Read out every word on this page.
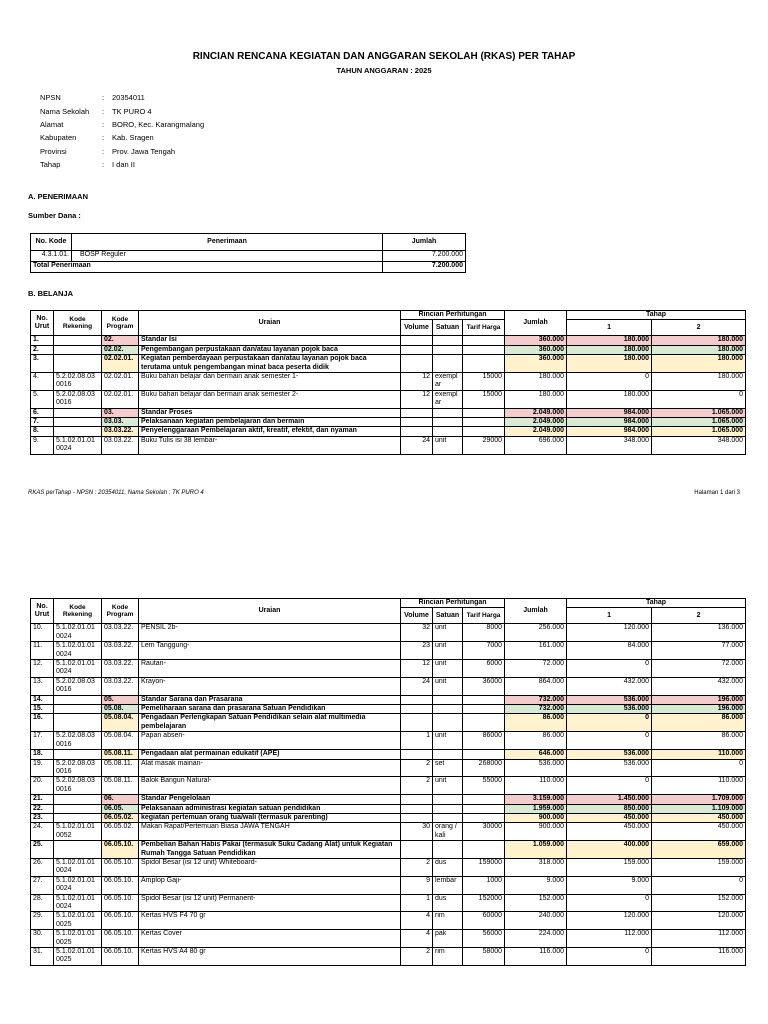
RINCIAN RENCANA KEGIATAN DAN ANGGARAN SEKOLAH (RKAS) PER TAHAP
TAHUN ANGGARAN : 2025
NPSN	:	20354011
Nama Sekolah	:	TK PURO 4
Alamat	:	BORO, Kec. Karangmalang
Kabupaten	:	Kab. Sragen
Provinsi	:	Prov. Jawa Tengah
Tahap	:	I dan II
A. PENERIMAAN
Sumber Dana :
No. Kode	Penerimaan	Jumlah
4.3.1.01.	BOSP Reguler	7.200.000
Total Penerimaan		7.200.000
B. BELANJA
No. Urut	Kode Rekening	Kode Program	Uraian	Rincian Perhitungan			Jumlah	Tahap	
				Volume	Satuan	Tarif Harga		1	2
1.		02.	Standar Isi				360.000	180.000	180.000
2.		02.02.	Pengembangan perpustakaan dan/atau layanan pojok baca				360.000	180.000	180.000
3.		02.02.01.	Kegiatan pemberdayaan perpustakaan dan/atau layanan pojok baca terutama untuk pengembangan minat baca peserta didik				360.000	180.000	180.000
4.	5.2.02.08.03 0016	02.02.01.	Buku bahan belajar dan bermain anak semester 1-	12	exempl ar	15000	180.000	0	180.000
5.	5.2.02.08.03 0016	02.02.01.	Buku bahan belajar dan bermain anak semester 2-	12	exempl ar	15000	180.000	180.000	0
6.		03.	Standar Proses				2.049.000	984.000	1.065.000
7.		03.03.	Pelaksanaan kegiatan pembelajaran dan bermain				2.049.000	984.000	1.065.000
8.		03.03.22.	Penyelenggaraan Pembelajaran aktif, kreatif, efektif, dan nyaman				2.049.000	984.000	1.065.000
9.	5.1.02.01.01 0024	03.03.22.	Buku Tulis isi 38 lembar-	24	unit	29000	696.000	348.000	348.000
RKAS perTahap - NPSN : 20354011, Nama Sekolah : TK PURO 4	Halaman 1 dari 3
No. Urut	Kode Rekening	Kode Program	Uraian	Rincian Perhitungan			Jumlah	Tahap	
				Volume	Satuan	Tarif Harga		1	2
10.	5.1.02.01.01 0024	03.03.22.	PENSIL 2b-	32	unit	8000	256.000	120.000	136.000
11.	5.1.02.01.01 0024	03.03.22.	Lem Tanggung-	23	unit	7000	161.000	84.000	77.000
12.	5.1.02.01.01 0024	03.03.22.	Rautan-	12	unit	6000	72.000	0	72.000
13.	5.2.02.08.03 0016	03.03.22.	Krayon-	24	unit	36000	864.000	432.000	432.000
14.		05.	Standar Sarana dan Prasarana				732.000	536.000	196.000
15.		05.08.	Pemeliharaan sarana dan prasarana Satuan Pendidikan				732.000	536.000	196.000
16.		05.08.04.	Pengadaan Perlengkapan Satuan Pendidikan selain alat multimedia pembelajaran				86.000	0	86.000
17.	5.2.02.08.03 0016	05.08.04.	Papan absen-	1	unit	86000	86.000	0	86.000
18.		05.08.11.	Pengadaan alat permainan edukatif (APE)				646.000	536.000	110.000
19.	5.2.02.08.03 0016	05.08.11.	Alat masak mainan-	2	set	268000	536.000	536.000	0
20.	5.2.02.08.03 0016	05.08.11.	Balok Bangun Natural-	2	unit	55000	110.000	0	110.000
21.		06.	Standar Pengelolaan				3.159.000	1.450.000	1.709.000
22.		06.05.	Pelaksanaan administrasi kegiatan satuan pendidikan				1.959.000	850.000	1.109.000
23.		06.05.02.	kegiatan pertemuan orang tua/wali (termasuk parenting)				900.000	450.000	450.000
24.	5.1.02.01.01 0052	06.05.02.	Makan Rapat/Pertemuan Biasa JAWA TENGAH	30	orang / kali	30000	900.000	450.000	450.000
25.		06.05.10.	Pembelian Bahan Habis Pakai (termasuk Suku Cadang Alat) untuk Kegiatan Rumah Tangga Satuan Pendidikan				1.059.000	400.000	659.000
26.	5.1.02.01.01 0024	06.05.10.	Spidol Besar (isi 12 unit) Whiteboard-	2	dus	159000	318.000	159.000	159.000
27.	5.1.02.01.01 0024	06.05.10.	Amplop Gaji-	9	lembar	1000	9.000	9.000	0
28.	5.1.02.01.01 0024	06.05.10.	Spidol Besar (isi 12 unit) Permanent-	1	dus	152000	152.000	0	152.000
29.	5.1.02.01.01 0025	06.05.10.	Kertas HVS F4 70 gr	4	rim	60000	240.000	120.000	120.000
30.	5.1.02.01.01 0025	06.05.10.	Kertas Cover	4	pak	56000	224.000	112.000	112.000
31.	5.1.02.01.01 0025	06.05.10.	Kertas HVS A4 80 gr	2	rim	58000	116.000	0	116.000
